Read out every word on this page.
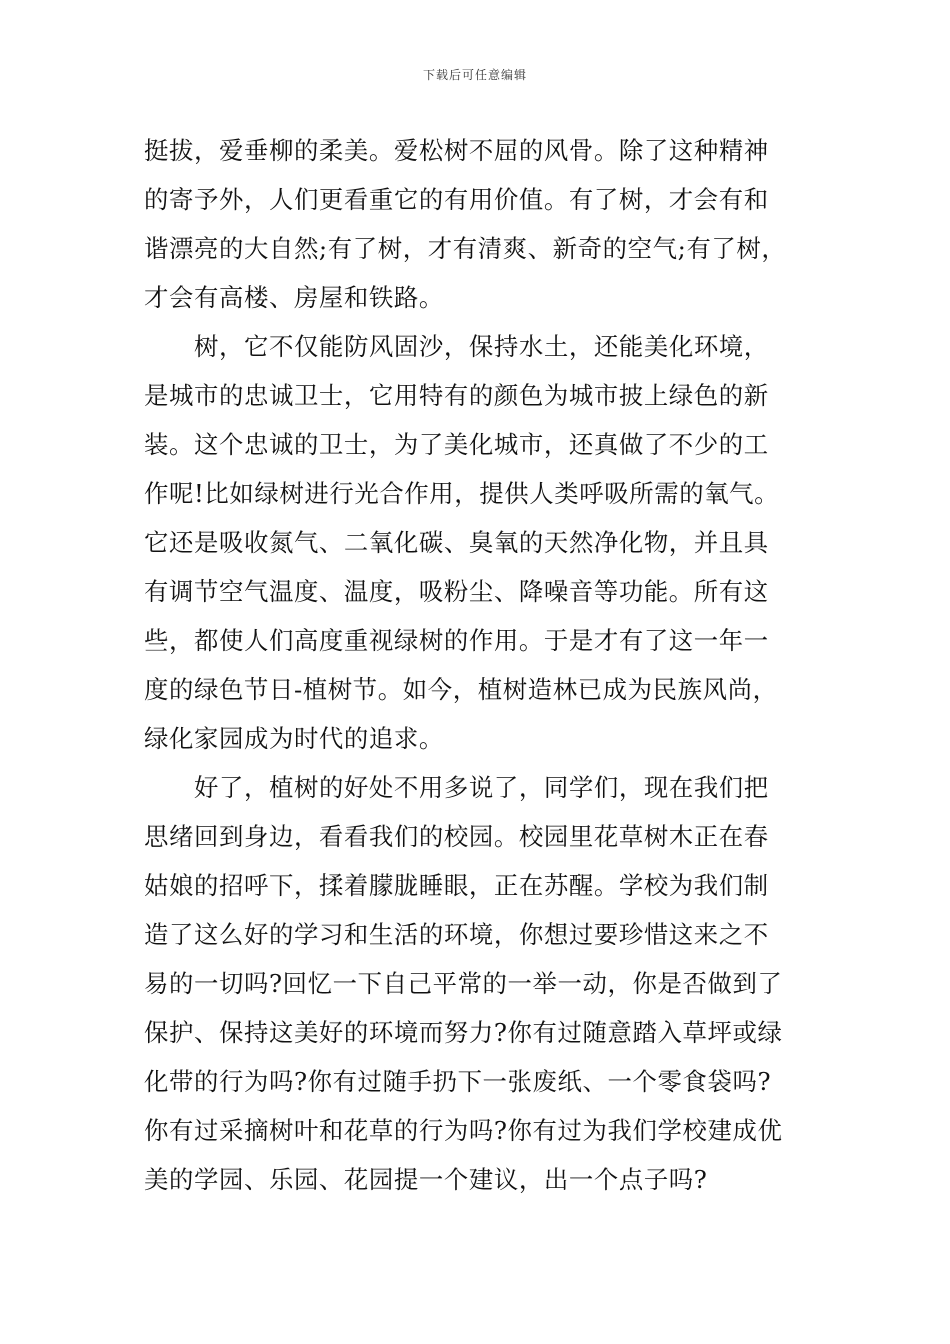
下载后可任意编辑
挺拔，爱垂柳的柔美。爱松树不屈的风骨。除了这种精神
的寄予外，人们更看重它的有用价值。有了树，才会有和
谐漂亮的大自然;有了树，才有清爽、新奇的空气;有了树，
才会有高楼、房屋和铁路。
树，它不仅能防风固沙，保持水土，还能美化环境，
是城市的忠诚卫士，它用特有的颜色为城市披上绿色的新
装。这个忠诚的卫士，为了美化城市，还真做了不少的工
作呢!比如绿树进行光合作用，提供人类呼吸所需的氧气。
它还是吸收氮气、二氧化碳、臭氧的天然净化物，并且具
有调节空气温度、温度，吸粉尘、降噪音等功能。所有这
些，都使人们高度重视绿树的作用。于是才有了这一年一
度的绿色节日-植树节。如今，植树造林已成为民族风尚，
绿化家园成为时代的追求。
好了，植树的好处不用多说了，同学们，现在我们把
思绪回到身边，看看我们的校园。校园里花草树木正在春
姑娘的招呼下，揉着朦胧睡眼，正在苏醒。学校为我们制
造了这么好的学习和生活的环境，你想过要珍惜这来之不
易的一切吗?回忆一下自己平常的一举一动，你是否做到了
保护、保持这美好的环境而努力?你有过随意踏入草坪或绿
化带的行为吗?你有过随手扔下一张废纸、一个零食袋吗?
你有过采摘树叶和花草的行为吗?你有过为我们学校建成优
美的学园、乐园、花园提一个建议，出一个点子吗?
